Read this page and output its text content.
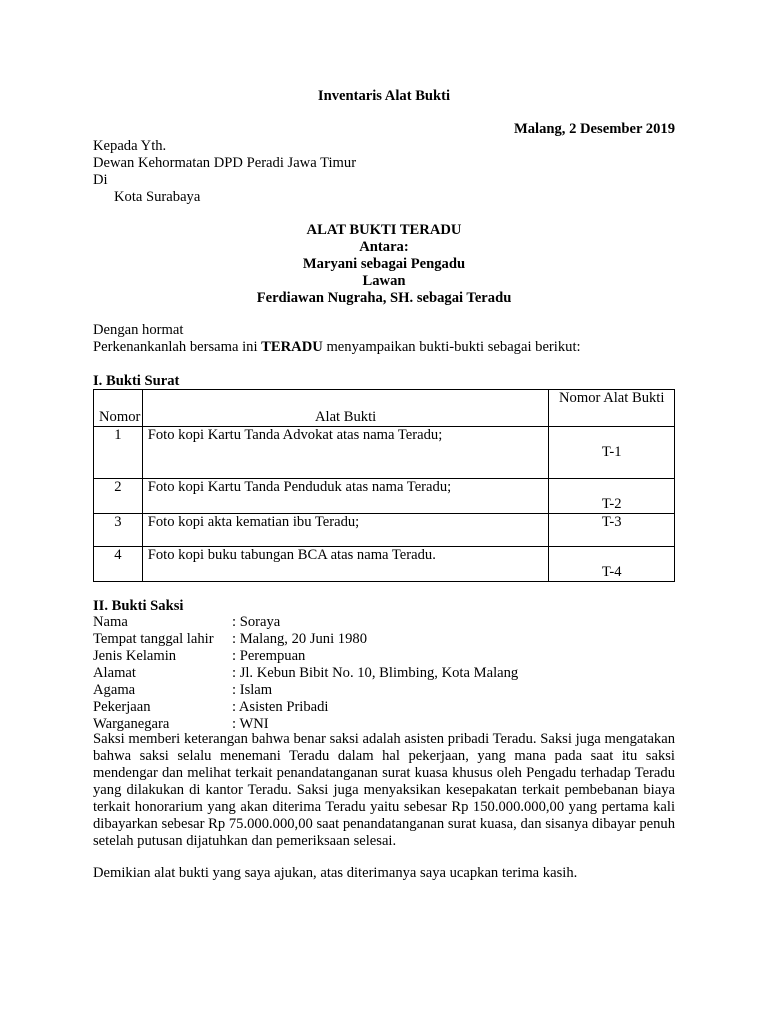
Inventaris Alat Bukti
Malang, 2 Desember 2019
Kepada Yth.
Dewan Kehormatan DPD Peradi Jawa Timur
Di
Kota Surabaya
ALAT BUKTI TERADU
Antara:
Maryani sebagai Pengadu
Lawan
Ferdiawan Nugraha, SH. sebagai Teradu
Dengan hormat
Perkenankanlah bersama ini TERADU menyampaikan bukti-bukti sebagai berikut:
I. Bukti Surat
Nomor	Alat Bukti	Nomor Alat Bukti
1	Foto kopi Kartu Tanda Advokat atas nama Teradu;	T-1
2	Foto kopi Kartu Tanda Penduduk atas nama Teradu;	T-2
3	Foto kopi akta kematian ibu Teradu;	T-3
4	Foto kopi buku tabungan BCA atas nama Teradu.	T-4
II. Bukti Saksi
Nama	: Soraya
Tempat tanggal lahir : Malang, 20 Juni 1980
Jenis Kelamin	: Perempuan
Alamat	: Jl. Kebun Bibit No. 10, Blimbing, Kota Malang
Agama	: Islam
Pekerjaan	: Asisten Pribadi
Warganegara	: WNI
Saksi memberi keterangan bahwa benar saksi adalah asisten pribadi Teradu. Saksi juga mengatakan bahwa saksi selalu menemani Teradu dalam hal pekerjaan, yang mana pada saat itu saksi mendengar dan melihat terkait penandatanganan surat kuasa khusus oleh Pengadu terhadap Teradu yang dilakukan di kantor Teradu. Saksi juga menyaksikan kesepakatan terkait pembebanan biaya terkait honorarium yang akan diterima Teradu yaitu sebesar Rp 150.000.000,00 yang pertama kali dibayarkan sebesar Rp 75.000.000,00 saat penandatanganan surat kuasa, dan sisanya dibayar penuh setelah putusan dijatuhkan dan pemeriksaan selesai.
Demikian alat bukti yang saya ajukan, atas diterimanya saya ucapkan terima kasih.
